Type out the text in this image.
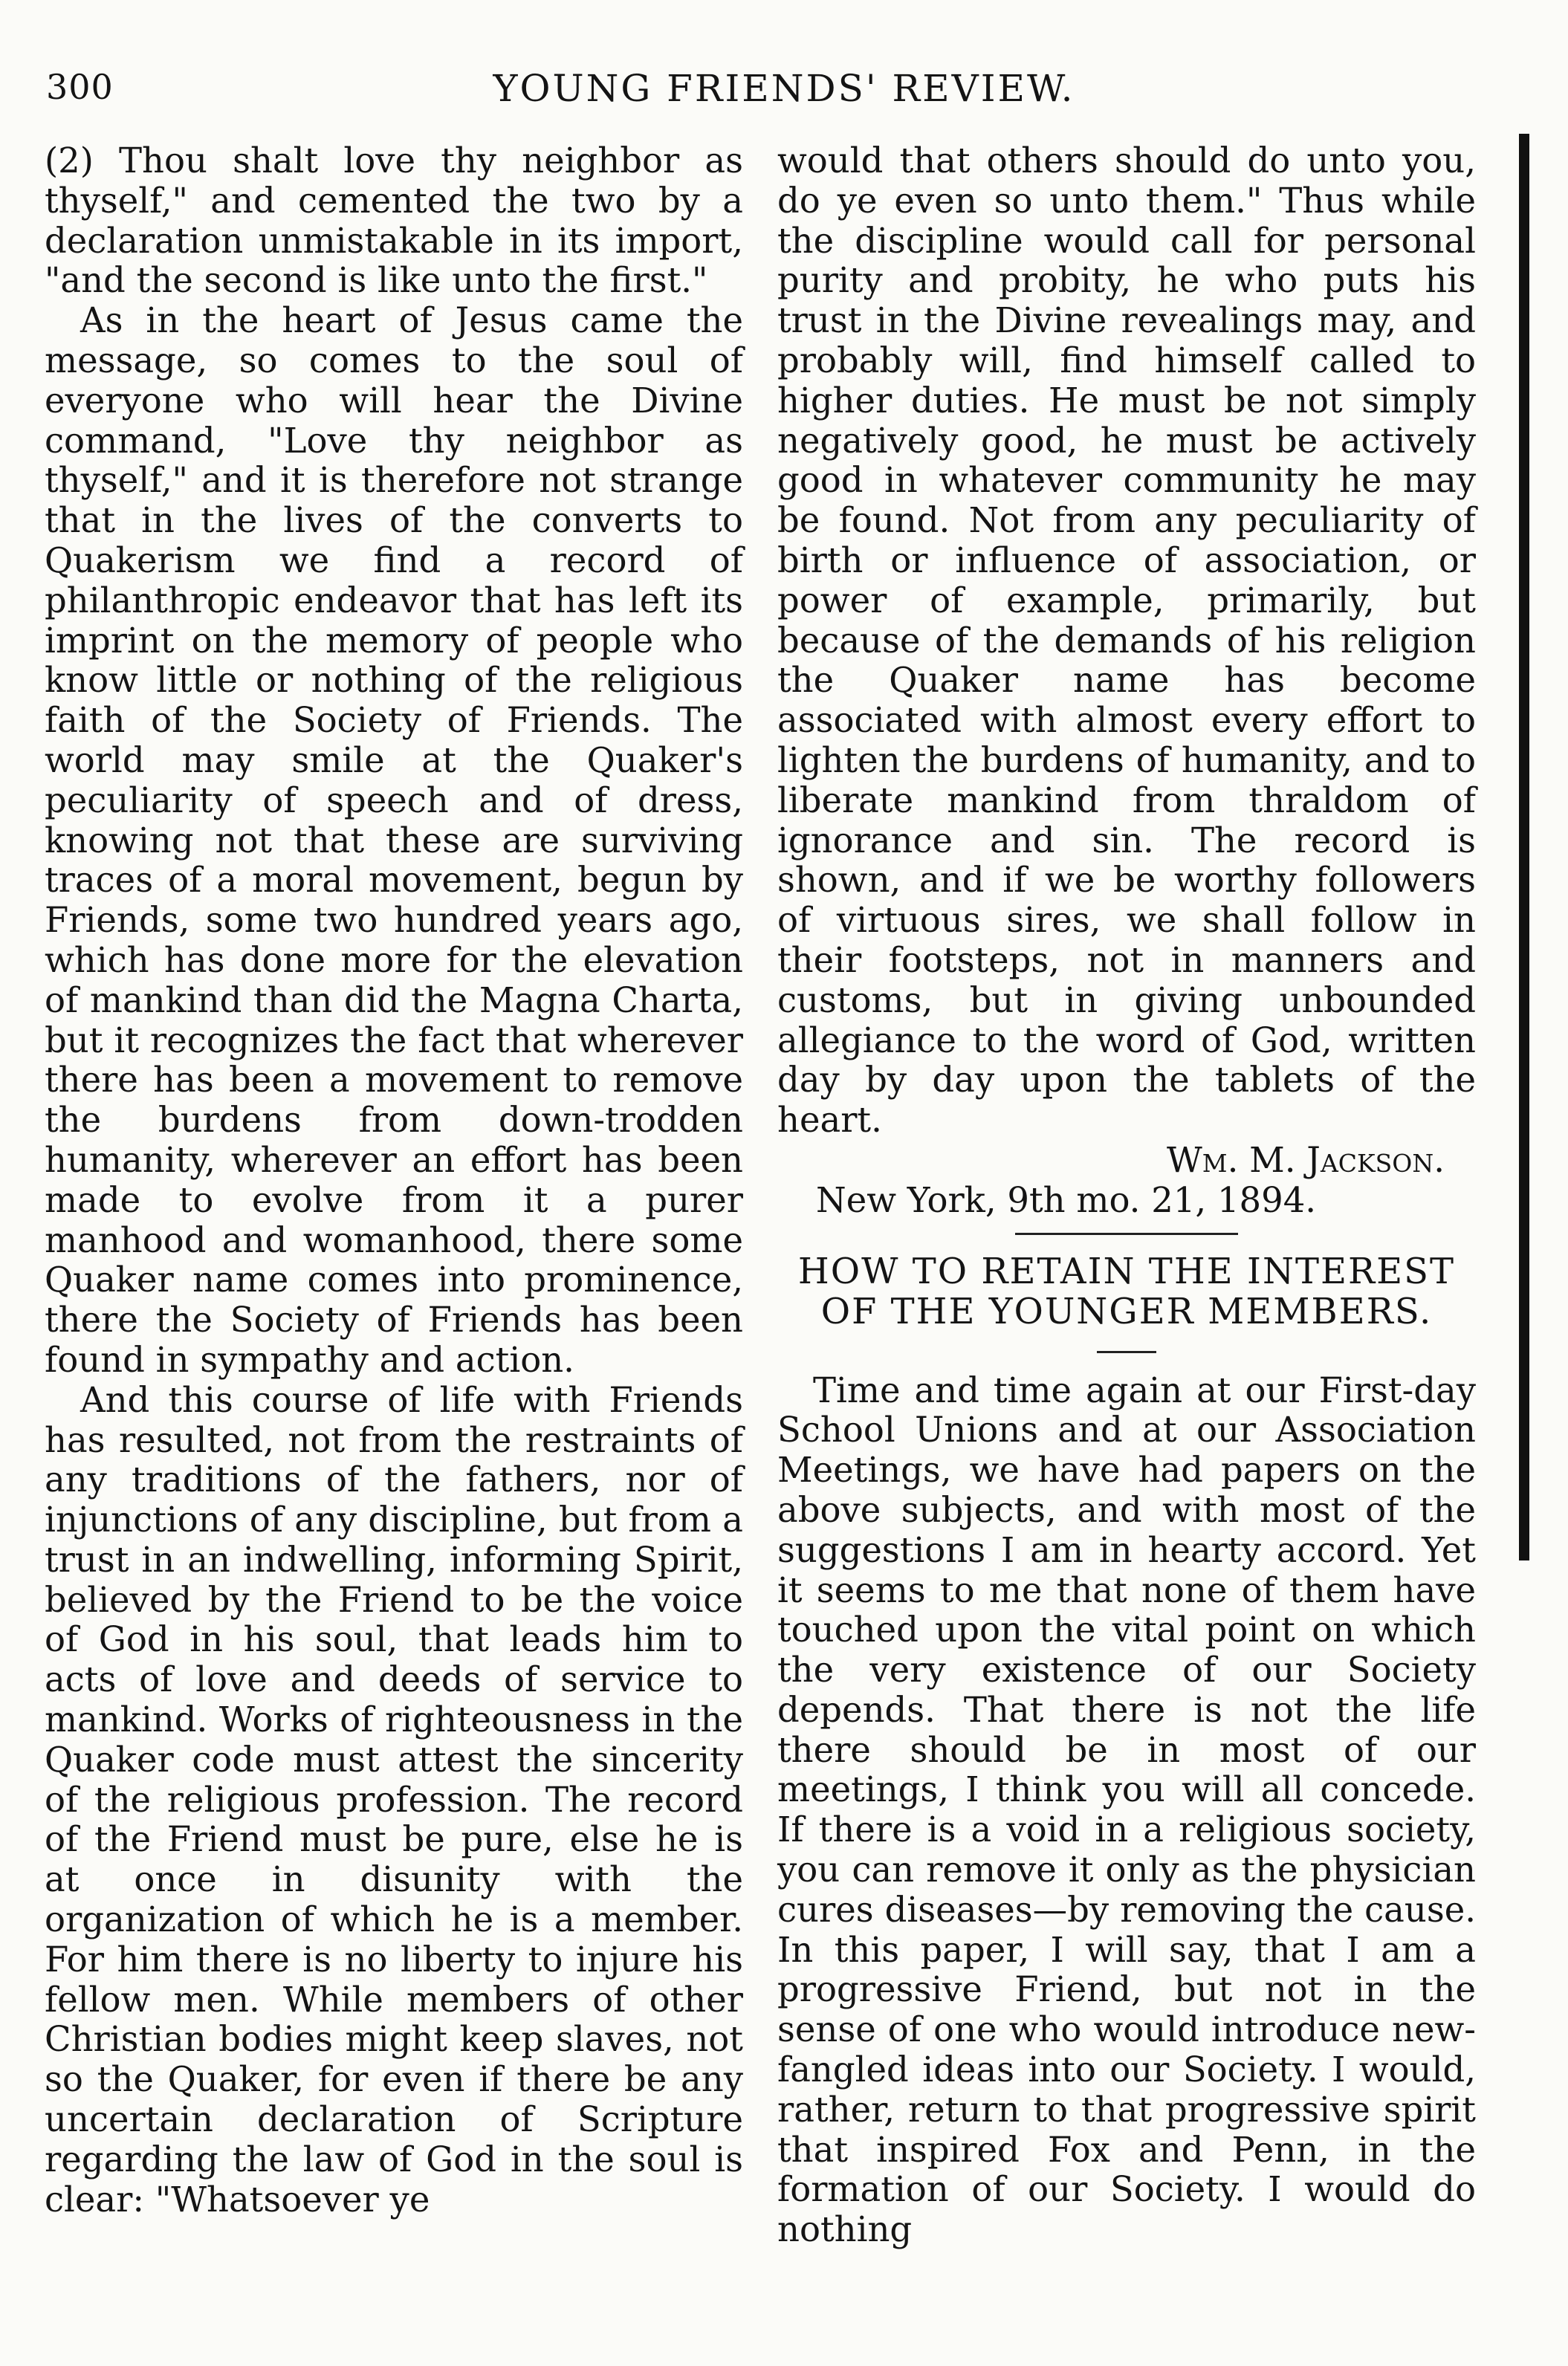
300	YOUNG FRIENDS' REVIEW.

(2) Thou shalt love thy neighbor as thyself," and cemented the two by a declaration unmistakable in its import, "and the second is like unto the first."

As in the heart of Jesus came the message, so comes to the soul of everyone who will hear the Divine command, "Love thy neighbor as thyself," and it is therefore not strange that in the lives of the converts to Quakerism we find a record of philanthropic endeavor that has left its imprint on the memory of people who know little or nothing of the religious faith of the Society of Friends. The world may smile at the Quaker's peculiarity of speech and of dress, knowing not that these are surviving traces of a moral movement, begun by Friends, some two hundred years ago, which has done more for the elevation of mankind than did the Magna Charta, but it recognizes the fact that wherever there has been a movement to remove the burdens from down-trodden humanity, wherever an effort has been made to evolve from it a purer manhood and womanhood, there some Quaker name comes into prominence, there the Society of Friends has been found in sympathy and action.

And this course of life with Friends has resulted, not from the restraints of any traditions of the fathers, nor of injunctions of any discipline, but from a trust in an indwelling, informing Spirit, believed by the Friend to be the voice of God in his soul, that leads him to acts of love and deeds of service to mankind. Works of righteousness in the Quaker code must attest the sincerity of the religious profession. The record of the Friend must be pure, else he is at once in disunity with the organization of which he is a member. For him there is no liberty to injure his fellow men. While members of other Christian bodies might keep slaves, not so the Quaker, for even if there be any uncertain declaration of Scripture regarding the law of God in the soul is clear: "Whatsoever ye

would that others should do unto you, do ye even so unto them." Thus while the discipline would call for personal purity and probity, he who puts his trust in the Divine revealings may, and probably will, find himself called to higher duties. He must be not simply negatively good, he must be actively good in whatever community he may be found. Not from any peculiarity of birth or influence of association, or power of example, primarily, but because of the demands of his religion the Quaker name has become associated with almost every effort to lighten the burdens of humanity, and to liberate mankind from thraldom of ignorance and sin. The record is shown, and if we be worthy followers of virtuous sires, we shall follow in their footsteps, not in manners and customs, but in giving unbounded allegiance to the word of God, written day by day upon the tablets of the heart.

Wm. M. Jackson.

New York, 9th mo. 21, 1894.

HOW TO RETAIN THE INTEREST OF THE YOUNGER MEMBERS.

Time and time again at our First-day School Unions and at our Association Meetings, we have had papers on the above subjects, and with most of the suggestions I am in hearty accord. Yet it seems to me that none of them have touched upon the vital point on which the very existence of our Society depends. That there is not the life there should be in most of our meetings, I think you will all concede. If there is a void in a religious society, you can remove it only as the physician cures diseases—by removing the cause. In this paper, I will say, that I am a progressive Friend, but not in the sense of one who would introduce new-fangled ideas into our Society. I would, rather, return to that progressive spirit that inspired Fox and Penn, in the formation of our Society. I would do nothing
